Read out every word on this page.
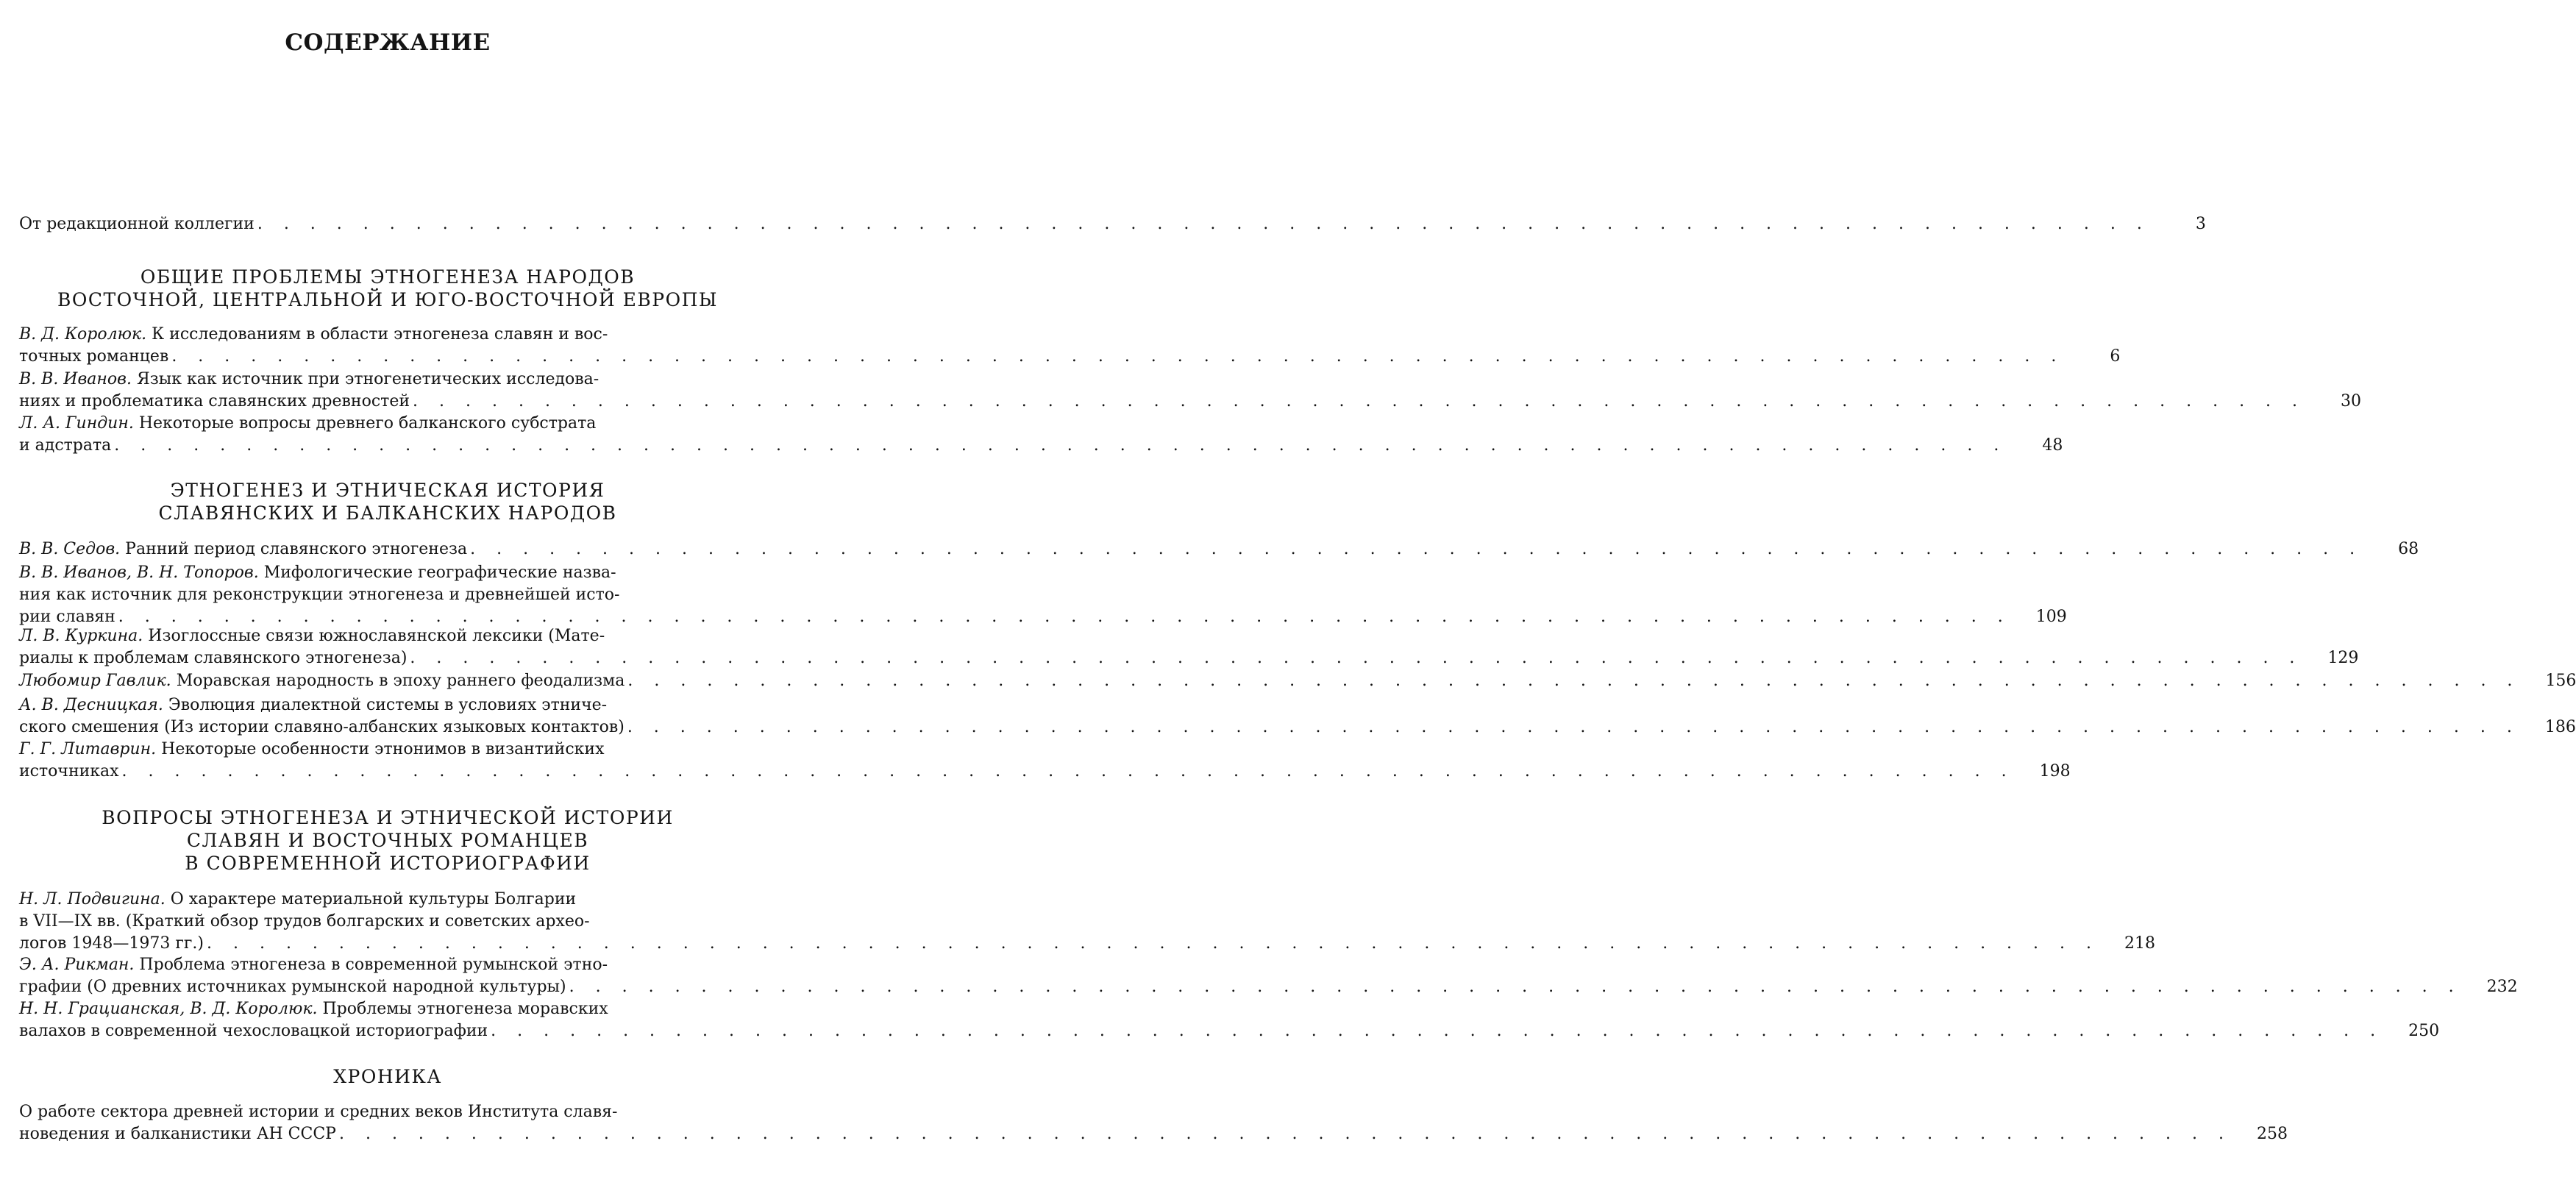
СОДЕРЖАНИЕ
От редакционной коллегии . . . . . . . . . . . . . . . . . . . . . . . . . . . . . . . . . . . . . . . . . . . . . . . . . . . . . . . . . . . . . . . . . . . . . . . .	3
ОБЩИЕ ПРОБЛЕМЫ ЭТНОГЕНЕЗА НАРОДОВ
ВОСТОЧНОЙ, ЦЕНТРАЛЬНОЙ И ЮГО-ВОСТОЧНОЙ ЕВРОПЫ
В. Д. Королюк. К исследованиям в области этногенеза славян и вос-
точных романцев . . . . . . . . . . . . . . . . . . . . . . . . . . . . . . . . . . . . . . . . . . . . . . . . . . . . . . . . . . . . . . . . . . . . . . . .	6
В. В. Иванов. Язык как источник при этногенетических исследова-
ниях и проблематика славянских древностей . . . . . . . . . . . . . . . . . . . . . . . . . . . . . . . . . . . . . . . . . . . . . . . . . . . . . . . . . . . . . . . . . . . . . . . .	30
Л. А. Гиндин. Некоторые вопросы древнего балканского субстрата
и адстрата . . . . . . . . . . . . . . . . . . . . . . . . . . . . . . . . . . . . . . . . . . . . . . . . . . . . . . . . . . . . . . . . . . . . . . . .	48
ЭТНОГЕНЕЗ И ЭТНИЧЕСКАЯ ИСТОРИЯ
СЛАВЯНСКИХ И БАЛКАНСКИХ НАРОДОВ
В. В. Седов. Ранний период славянского этногенеза . . . . . . . . . . . . . . . . . . . . . . . . . . . . . . . . . . . . . . . . . . . . . . . . . . . . . . . . . . . . . . . . . . . . . . . .	68
В. В. Иванов, В. Н. Топоров. Мифологические географические назва-
ния как источник для реконструкции этногенеза и древнейшей исто-
рии славян . . . . . . . . . . . . . . . . . . . . . . . . . . . . . . . . . . . . . . . . . . . . . . . . . . . . . . . . . . . . . . . . . . . . . . . .	109
Л. В. Куркина. Изоглоссные связи южнославянской лексики (Мате-
риалы к проблемам славянского этногенеза) . . . . . . . . . . . . . . . . . . . . . . . . . . . . . . . . . . . . . . . . . . . . . . . . . . . . . . . . . . . . . . . . . . . . . . . .	129
Любомир Гавлик. Моравская народность в эпоху раннего феодализма . . . . . . . . . . . . . . . . . . . . . . . . . . . . . . . . . . . . . . . . . . . . . . . . . . . . . . . . . . . . . . . . . . . . . . . .	156
А. В. Десницкая. Эволюция диалектной системы в условиях этниче-
ского смешения (Из истории славяно-албанских языковых контактов) . . . . . . . . . . . . . . . . . . . . . . . . . . . . . . . . . . . . . . . . . . . . . . . . . . . . . . . . . . . . . . . . . . . . . . . .	186
Г. Г. Литаврин. Некоторые особенности этнонимов в византийских
источниках . . . . . . . . . . . . . . . . . . . . . . . . . . . . . . . . . . . . . . . . . . . . . . . . . . . . . . . . . . . . . . . . . . . . . . . .	198
ВОПРОСЫ ЭТНОГЕНЕЗА И ЭТНИЧЕСКОЙ ИСТОРИИ
СЛАВЯН И ВОСТОЧНЫХ РОМАНЦЕВ
В СОВРЕМЕННОЙ ИСТОРИОГРАФИИ
Н. Л. Подвигина. О характере материальной культуры Болгарии
в VII—IX вв. (Краткий обзор трудов болгарских и советских архео-
логов 1948—1973 гг.) . . . . . . . . . . . . . . . . . . . . . . . . . . . . . . . . . . . . . . . . . . . . . . . . . . . . . . . . . . . . . . . . . . . . . . . .	218
Э. А. Рикман. Проблема этногенеза в современной румынской этно-
графии (О древних источниках румынской народной культуры) . . . . . . . . . . . . . . . . . . . . . . . . . . . . . . . . . . . . . . . . . . . . . . . . . . . . . . . . . . . . . . . . . . . . . . . .	232
Н. Н. Грацианская, В. Д. Королюк. Проблемы этногенеза моравских
валахов в современной чехословацкой историографии . . . . . . . . . . . . . . . . . . . . . . . . . . . . . . . . . . . . . . . . . . . . . . . . . . . . . . . . . . . . . . . . . . . . . . . .	250
ХРОНИКА
О работе сектора древней истории и средних веков Института славя-
новедения и балканистики АН СССР . . . . . . . . . . . . . . . . . . . . . . . . . . . . . . . . . . . . . . . . . . . . . . . . . . . . . . . . . . . . . . . . . . . . . . . .	258
